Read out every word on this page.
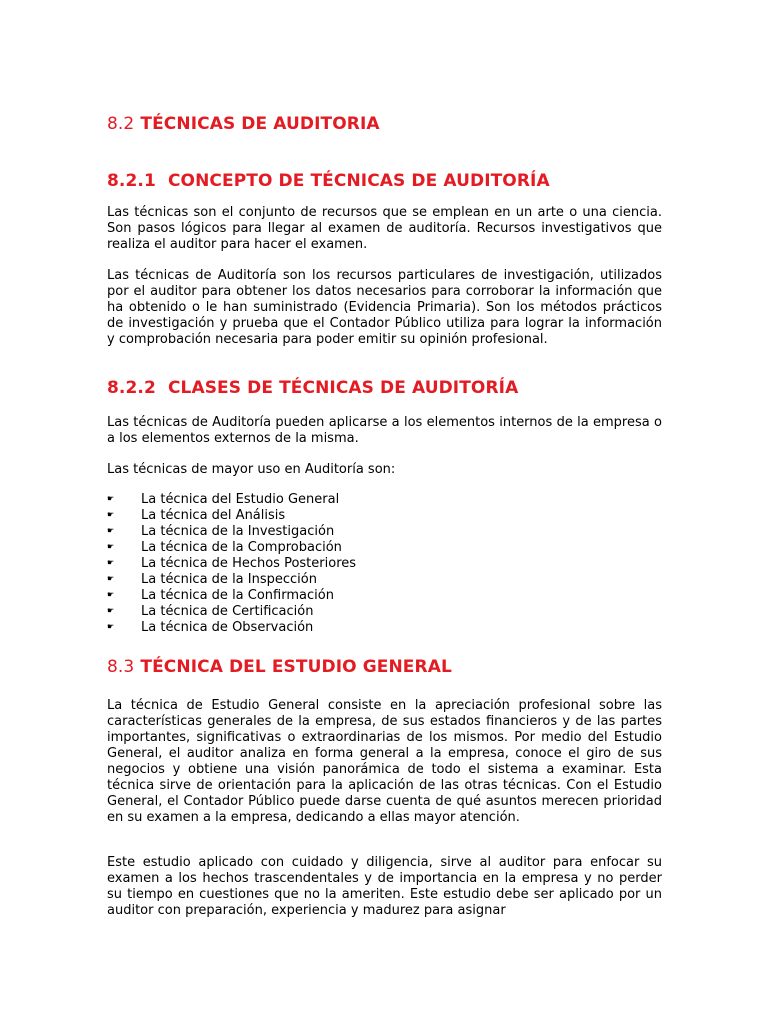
8.2 TÉCNICAS DE AUDITORIA
8.2.1 CONCEPTO DE TÉCNICAS DE AUDITORÍA

Las técnicas son el conjunto de recursos que se emplean en un arte o una ciencia. Son pasos lógicos para llegar al examen de auditoría. Recursos investigativos que realiza el auditor para hacer el examen.

Las técnicas de Auditoría son los recursos particulares de investigación, utilizados por el auditor para obtener los datos necesarios para corroborar la información que ha obtenido o le han suministrado (Evidencia Primaria). Son los métodos prácticos de investigación y prueba que el Contador Público utiliza para lograr la información y comprobación necesaria para poder emitir su opinión profesional.

8.2.2 CLASES DE TÉCNICAS DE AUDITORÍA

Las técnicas de Auditoría pueden aplicarse a los elementos internos de la empresa o a los elementos externos de la misma.

Las técnicas de mayor uso en Auditoría son:

☛ La técnica del Estudio General
☛ La técnica del Análisis
☛ La técnica de la Investigación
☛ La técnica de la Comprobación
☛ La técnica de Hechos Posteriores
☛ La técnica de la Inspección
☛ La técnica de la Confirmación
☛ La técnica de Certificación
☛ La técnica de Observación
8.3 TÉCNICA DEL ESTUDIO GENERAL

La técnica de Estudio General consiste en la apreciación profesional sobre las características generales de la empresa, de sus estados financieros y de las partes importantes, significativas o extraordinarias de los mismos. Por medio del Estudio General, el auditor analiza en forma general a la empresa, conoce el giro de sus negocios y obtiene una visión panorámica de todo el sistema a examinar. Esta técnica sirve de orientación para la aplicación de las otras técnicas. Con el Estudio General, el Contador Público puede darse cuenta de qué asuntos merecen prioridad en su examen a la empresa, dedicando a ellas mayor atención.

Este estudio aplicado con cuidado y diligencia, sirve al auditor para enfocar su examen a los hechos trascendentales y de importancia en la empresa y no perder su tiempo en cuestiones que no la ameriten. Este estudio debe ser aplicado por un auditor con preparación, experiencia y madurez para asignar
